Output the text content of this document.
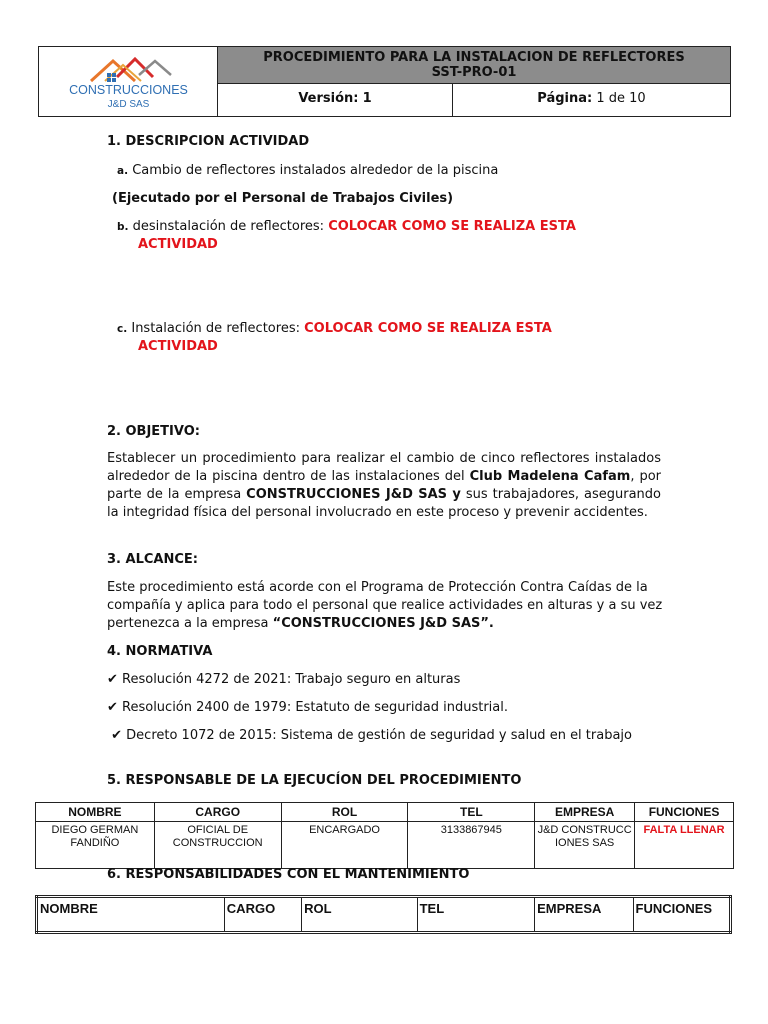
CONSTRUCCIONES
J&D SAS
PROCEDIMIENTO PARA LA INSTALACION DE REFLECTORES
SST-PRO-01
Versión: 1	Página: 1 de 10
1. DESCRIPCION ACTIVIDAD
a. Cambio de reflectores instalados alrededor de la piscina
(Ejecutado por el Personal de Trabajos Civiles)
b. desinstalación de reflectores: COLOCAR COMO SE REALIZA ESTA
ACTIVIDAD
c. Instalación de reflectores: COLOCAR COMO SE REALIZA ESTA
ACTIVIDAD
2. OBJETIVO:
Establecer un procedimiento para realizar el cambio de cinco reflectores instalados alrededor de la piscina dentro de las instalaciones del Club Madelena Cafam, por parte de la empresa CONSTRUCCIONES J&D SAS y sus trabajadores, asegurando la integridad física del personal involucrado en este proceso y prevenir accidentes.
3. ALCANCE:
Este procedimiento está acorde con el Programa de Protección Contra Caídas de la compañía y aplica para todo el personal que realice actividades en alturas y a su vez pertenezca a la empresa “CONSTRUCCIONES J&D SAS”.
4. NORMATIVA
✔ Resolución 4272 de 2021: Trabajo seguro en alturas
✔ Resolución 2400 de 1979: Estatuto de seguridad industrial.
✔ Decreto 1072 de 2015: Sistema de gestión de seguridad y salud en el trabajo
5. RESPONSABLE DE LA EJECUCÍON DEL PROCEDIMIENTO
NOMBRE	CARGO	ROL	TEL	EMPRESA	FUNCIONES
DIEGO GERMAN FANDIÑO	OFICIAL DE CONSTRUCCION	ENCARGADO	3133867945	J&D CONSTRUCCIONES SAS	FALTA LLENAR
6. RESPONSABILIDADES CON EL MANTENIMIENTO
NOMBRE	CARGO	ROL	TEL	EMPRESA	FUNCIONES
